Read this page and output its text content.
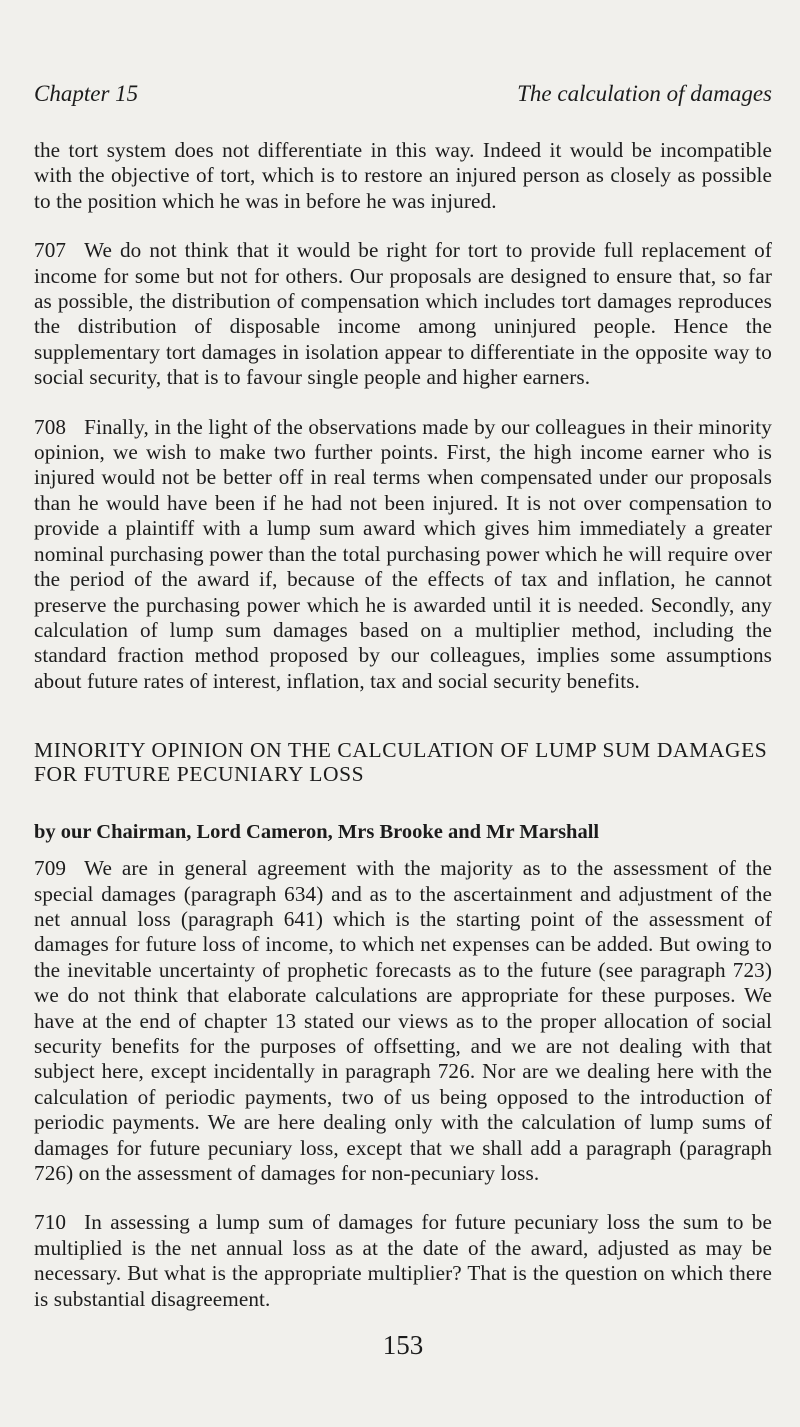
Chapter 15	The calculation of damages

the tort system does not differentiate in this way. Indeed it would be incompatible with the objective of tort, which is to restore an injured person as closely as possible to the position which he was in before he was injured.

707 We do not think that it would be right for tort to provide full replacement of income for some but not for others. Our proposals are designed to ensure that, so far as possible, the distribution of compensation which includes tort damages reproduces the distribution of disposable income among uninjured people. Hence the supplementary tort damages in isolation appear to differentiate in the opposite way to social security, that is to favour single people and higher earners.

708 Finally, in the light of the observations made by our colleagues in their minority opinion, we wish to make two further points. First, the high income earner who is injured would not be better off in real terms when compensated under our proposals than he would have been if he had not been injured. It is not over compensation to provide a plaintiff with a lump sum award which gives him immediately a greater nominal purchasing power than the total purchasing power which he will require over the period of the award if, because of the effects of tax and inflation, he cannot preserve the purchasing power which he is awarded until it is needed. Secondly, any calculation of lump sum damages based on a multiplier method, including the standard fraction method proposed by our colleagues, implies some assumptions about future rates of interest, inflation, tax and social security benefits.

MINORITY OPINION ON THE CALCULATION OF LUMP SUM DAMAGES FOR FUTURE PECUNIARY LOSS
by our Chairman, Lord Cameron, Mrs Brooke and Mr Marshall

709 We are in general agreement with the majority as to the assessment of the special damages (paragraph 634) and as to the ascertainment and adjustment of the net annual loss (paragraph 641) which is the starting point of the assessment of damages for future loss of income, to which net expenses can be added. But owing to the inevitable uncertainty of prophetic forecasts as to the future (see paragraph 723) we do not think that elaborate calculations are appropriate for these purposes. We have at the end of chapter 13 stated our views as to the proper allocation of social security benefits for the purposes of offsetting, and we are not dealing with that subject here, except incidentally in paragraph 726. Nor are we dealing here with the calculation of periodic payments, two of us being opposed to the introduction of periodic payments. We are here dealing only with the calculation of lump sums of damages for future pecuniary loss, except that we shall add a paragraph (paragraph 726) on the assessment of damages for non-pecuniary loss.

710 In assessing a lump sum of damages for future pecuniary loss the sum to be multiplied is the net annual loss as at the date of the award, adjusted as may be necessary. But what is the appropriate multiplier? That is the question on which there is substantial disagreement.

153
